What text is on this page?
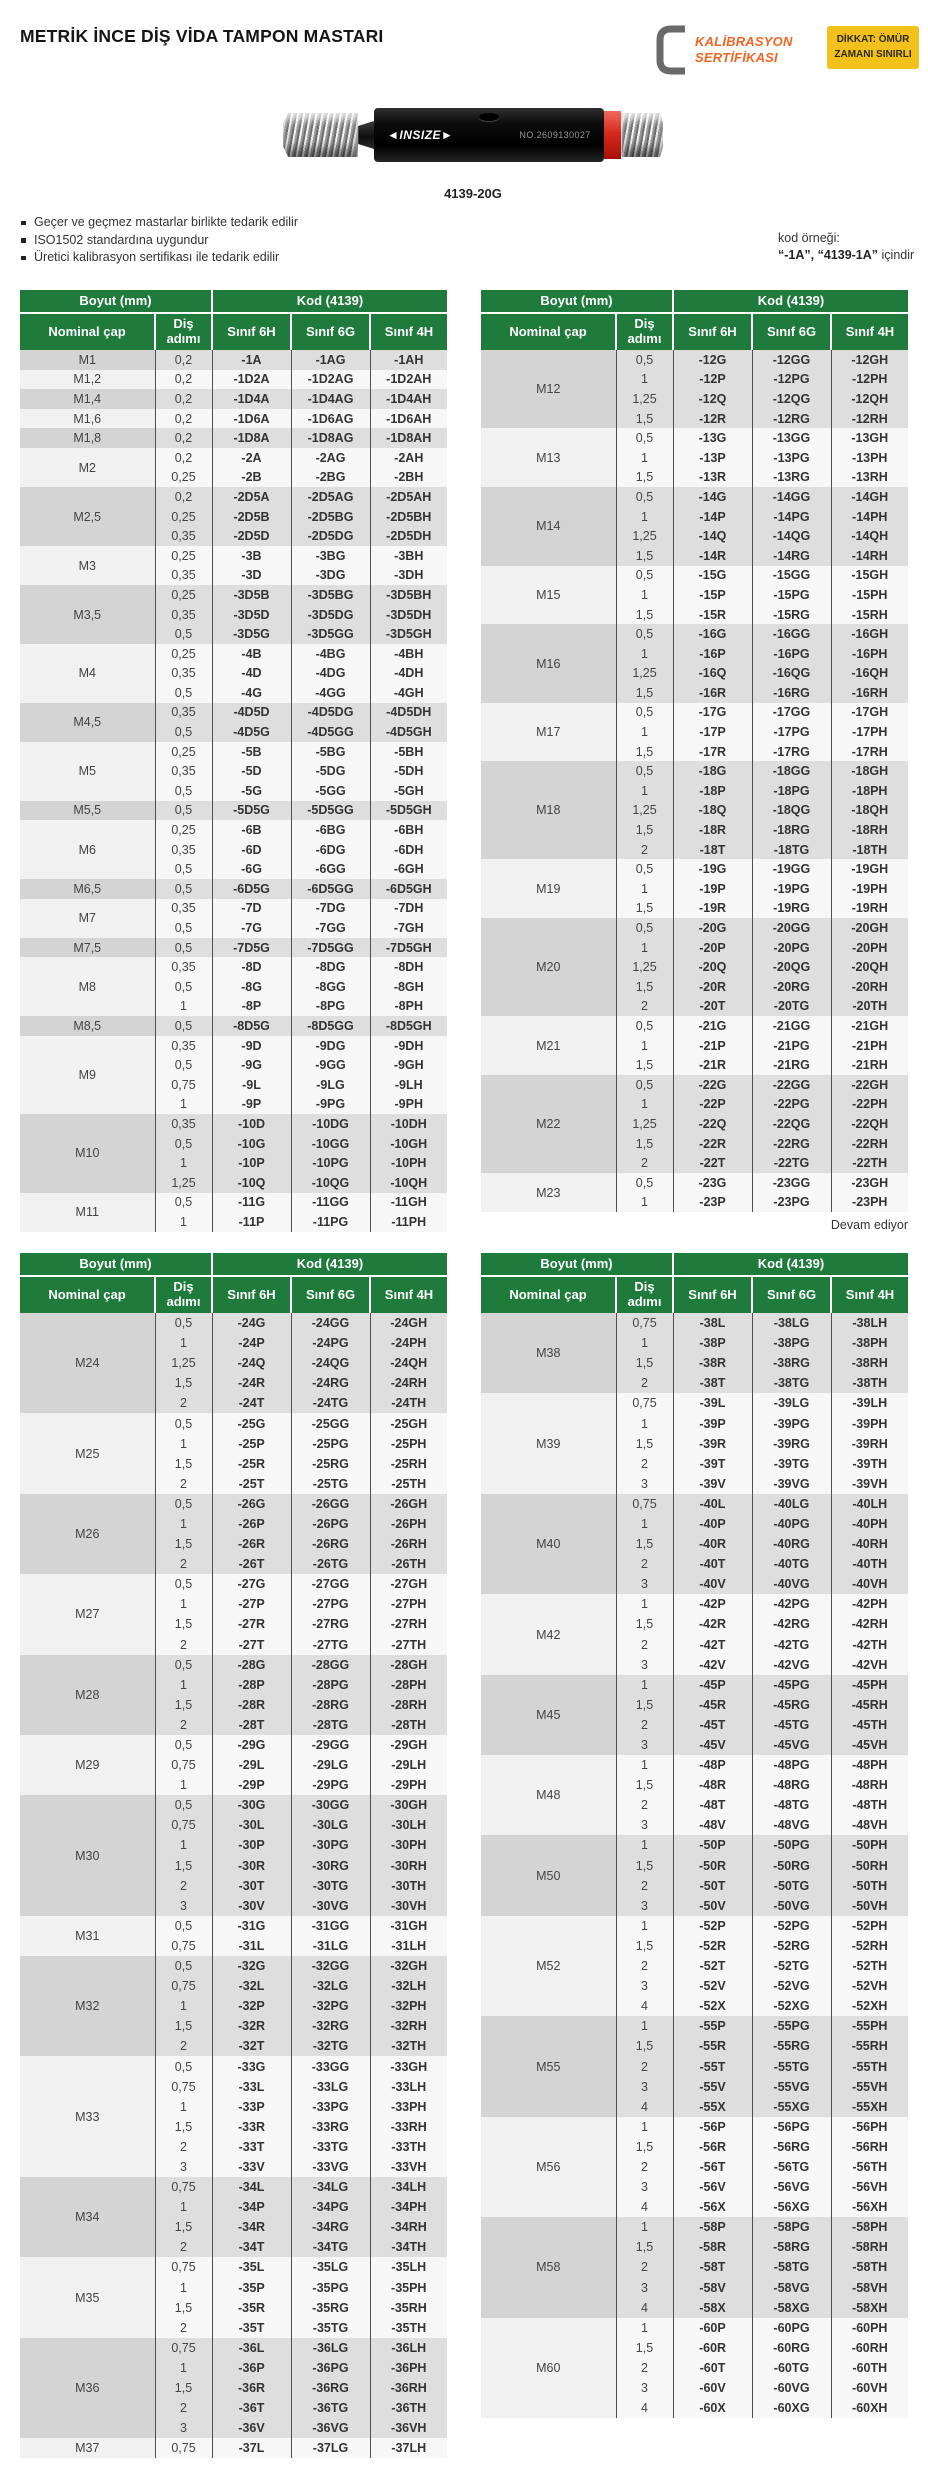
METRİK İNCE DİŞ VİDA TAMPON MASTARI	KALİBRASYON
SERTİFİKASI
DİKKAT: ÖMÜR
ZAMANI SINIRLI
◄INSIZE►	NO.2609130027
4139-20G
Geçer ve geçmez mastarlar birlikte tedarik edilir
ISO1502 standardına uygundur
Üretici kalibrasyon sertifikası ile tedarik edilir
kod örneği:
“-1A”, “4139-1A” içindir
Boyut (mm)		Kod (4139)		
Nominal çap	Diş adımı	Sınıf 6H	Sınıf 6G	Sınıf 4H
M1	0,2	-1A	-1AG	-1AH
M1,2	0,2	-1D2A	-1D2AG	-1D2AH
M1,4	0,2	-1D4A	-1D4AG	-1D4AH
M1,6	0,2	-1D6A	-1D6AG	-1D6AH
M1,8	0,2	-1D8A	-1D8AG	-1D8AH
M2	0,2	-2A	-2AG	-2AH
	0,25	-2B	-2BG	-2BH
M2,5	0,2	-2D5A	-2D5AG	-2D5AH
	0,25	-2D5B	-2D5BG	-2D5BH
	0,35	-2D5D	-2D5DG	-2D5DH
M3	0,25	-3B	-3BG	-3BH
	0,35	-3D	-3DG	-3DH
M3,5	0,25	-3D5B	-3D5BG	-3D5BH
	0,35	-3D5D	-3D5DG	-3D5DH
	0,5	-3D5G	-3D5GG	-3D5GH
M4	0,25	-4B	-4BG	-4BH
	0,35	-4D	-4DG	-4DH
	0,5	-4G	-4GG	-4GH
M4,5	0,35	-4D5D	-4D5DG	-4D5DH
	0,5	-4D5G	-4D5GG	-4D5GH
M5	0,25	-5B	-5BG	-5BH
	0,35	-5D	-5DG	-5DH
	0,5	-5G	-5GG	-5GH
M5,5	0,5	-5D5G	-5D5GG	-5D5GH
M6	0,25	-6B	-6BG	-6BH
	0,35	-6D	-6DG	-6DH
	0,5	-6G	-6GG	-6GH
M6,5	0,5	-6D5G	-6D5GG	-6D5GH
M7	0,35	-7D	-7DG	-7DH
	0,5	-7G	-7GG	-7GH
M7,5	0,5	-7D5G	-7D5GG	-7D5GH
M8	0,35	-8D	-8DG	-8DH
	0,5	-8G	-8GG	-8GH
	1	-8P	-8PG	-8PH
M8,5	0,5	-8D5G	-8D5GG	-8D5GH
M9	0,35	-9D	-9DG	-9DH
	0,5	-9G	-9GG	-9GH
	0,75	-9L	-9LG	-9LH
	1	-9P	-9PG	-9PH
M10	0,35	-10D	-10DG	-10DH
	0,5	-10G	-10GG	-10GH
	1	-10P	-10PG	-10PH
	1,25	-10Q	-10QG	-10QH
M11	0,5	-11G	-11GG	-11GH
	1	-11P	-11PG	-11PH
Boyut (mm)		Kod (4139)		
Nominal çap	Diş adımı	Sınıf 6H	Sınıf 6G	Sınıf 4H
M12	0,5	-12G	-12GG	-12GH
	1	-12P	-12PG	-12PH
	1,25	-12Q	-12QG	-12QH
	1,5	-12R	-12RG	-12RH
M13	0,5	-13G	-13GG	-13GH
	1	-13P	-13PG	-13PH
	1,5	-13R	-13RG	-13RH
M14	0,5	-14G	-14GG	-14GH
	1	-14P	-14PG	-14PH
	1,25	-14Q	-14QG	-14QH
	1,5	-14R	-14RG	-14RH
M15	0,5	-15G	-15GG	-15GH
	1	-15P	-15PG	-15PH
	1,5	-15R	-15RG	-15RH
M16	0,5	-16G	-16GG	-16GH
	1	-16P	-16PG	-16PH
	1,25	-16Q	-16QG	-16QH
	1,5	-16R	-16RG	-16RH
M17	0,5	-17G	-17GG	-17GH
	1	-17P	-17PG	-17PH
	1,5	-17R	-17RG	-17RH
M18	0,5	-18G	-18GG	-18GH
	1	-18P	-18PG	-18PH
	1,25	-18Q	-18QG	-18QH
	1,5	-18R	-18RG	-18RH
	2	-18T	-18TG	-18TH
M19	0,5	-19G	-19GG	-19GH
	1	-19P	-19PG	-19PH
	1,5	-19R	-19RG	-19RH
M20	0,5	-20G	-20GG	-20GH
	1	-20P	-20PG	-20PH
	1,25	-20Q	-20QG	-20QH
	1,5	-20R	-20RG	-20RH
	2	-20T	-20TG	-20TH
M21	0,5	-21G	-21GG	-21GH
	1	-21P	-21PG	-21PH
	1,5	-21R	-21RG	-21RH
M22	0,5	-22G	-22GG	-22GH
	1	-22P	-22PG	-22PH
	1,25	-22Q	-22QG	-22QH
	1,5	-22R	-22RG	-22RH
	2	-22T	-22TG	-22TH
M23	0,5	-23G	-23GG	-23GH
	1	-23P	-23PG	-23PH
Devam ediyor
Boyut (mm)		Kod (4139)		
Nominal çap	Diş adımı	Sınıf 6H	Sınıf 6G	Sınıf 4H
M24	0,5	-24G	-24GG	-24GH
	1	-24P	-24PG	-24PH
	1,25	-24Q	-24QG	-24QH
	1,5	-24R	-24RG	-24RH
	2	-24T	-24TG	-24TH
M25	0,5	-25G	-25GG	-25GH
	1	-25P	-25PG	-25PH
	1,5	-25R	-25RG	-25RH
	2	-25T	-25TG	-25TH
M26	0,5	-26G	-26GG	-26GH
	1	-26P	-26PG	-26PH
	1,5	-26R	-26RG	-26RH
	2	-26T	-26TG	-26TH
M27	0,5	-27G	-27GG	-27GH
	1	-27P	-27PG	-27PH
	1,5	-27R	-27RG	-27RH
	2	-27T	-27TG	-27TH
M28	0,5	-28G	-28GG	-28GH
	1	-28P	-28PG	-28PH
	1,5	-28R	-28RG	-28RH
	2	-28T	-28TG	-28TH
M29	0,5	-29G	-29GG	-29GH
	0,75	-29L	-29LG	-29LH
	1	-29P	-29PG	-29PH
M30	0,5	-30G	-30GG	-30GH
	0,75	-30L	-30LG	-30LH
	1	-30P	-30PG	-30PH
	1,5	-30R	-30RG	-30RH
	2	-30T	-30TG	-30TH
	3	-30V	-30VG	-30VH
M31	0,5	-31G	-31GG	-31GH
	0,75	-31L	-31LG	-31LH
M32	0,5	-32G	-32GG	-32GH
	0,75	-32L	-32LG	-32LH
	1	-32P	-32PG	-32PH
	1,5	-32R	-32RG	-32RH
	2	-32T	-32TG	-32TH
M33	0,5	-33G	-33GG	-33GH
	0,75	-33L	-33LG	-33LH
	1	-33P	-33PG	-33PH
	1,5	-33R	-33RG	-33RH
	2	-33T	-33TG	-33TH
	3	-33V	-33VG	-33VH
M34	0,75	-34L	-34LG	-34LH
	1	-34P	-34PG	-34PH
	1,5	-34R	-34RG	-34RH
	2	-34T	-34TG	-34TH
M35	0,75	-35L	-35LG	-35LH
	1	-35P	-35PG	-35PH
	1,5	-35R	-35RG	-35RH
	2	-35T	-35TG	-35TH
M36	0,75	-36L	-36LG	-36LH
	1	-36P	-36PG	-36PH
	1,5	-36R	-36RG	-36RH
	2	-36T	-36TG	-36TH
	3	-36V	-36VG	-36VH
M37	0,75	-37L	-37LG	-37LH
Boyut (mm)		Kod (4139)		
Nominal çap	Diş adımı	Sınıf 6H	Sınıf 6G	Sınıf 4H
M38	0,75	-38L	-38LG	-38LH
	1	-38P	-38PG	-38PH
	1,5	-38R	-38RG	-38RH
	2	-38T	-38TG	-38TH
M39	0,75	-39L	-39LG	-39LH
	1	-39P	-39PG	-39PH
	1,5	-39R	-39RG	-39RH
	2	-39T	-39TG	-39TH
	3	-39V	-39VG	-39VH
M40	0,75	-40L	-40LG	-40LH
	1	-40P	-40PG	-40PH
	1,5	-40R	-40RG	-40RH
	2	-40T	-40TG	-40TH
	3	-40V	-40VG	-40VH
M42	1	-42P	-42PG	-42PH
	1,5	-42R	-42RG	-42RH
	2	-42T	-42TG	-42TH
	3	-42V	-42VG	-42VH
M45	1	-45P	-45PG	-45PH
	1,5	-45R	-45RG	-45RH
	2	-45T	-45TG	-45TH
	3	-45V	-45VG	-45VH
M48	1	-48P	-48PG	-48PH
	1,5	-48R	-48RG	-48RH
	2	-48T	-48TG	-48TH
	3	-48V	-48VG	-48VH
M50	1	-50P	-50PG	-50PH
	1,5	-50R	-50RG	-50RH
	2	-50T	-50TG	-50TH
	3	-50V	-50VG	-50VH
M52	1	-52P	-52PG	-52PH
	1,5	-52R	-52RG	-52RH
	2	-52T	-52TG	-52TH
	3	-52V	-52VG	-52VH
	4	-52X	-52XG	-52XH
M55	1	-55P	-55PG	-55PH
	1,5	-55R	-55RG	-55RH
	2	-55T	-55TG	-55TH
	3	-55V	-55VG	-55VH
	4	-55X	-55XG	-55XH
M56	1	-56P	-56PG	-56PH
	1,5	-56R	-56RG	-56RH
	2	-56T	-56TG	-56TH
	3	-56V	-56VG	-56VH
	4	-56X	-56XG	-56XH
M58	1	-58P	-58PG	-58PH
	1,5	-58R	-58RG	-58RH
	2	-58T	-58TG	-58TH
	3	-58V	-58VG	-58VH
	4	-58X	-58XG	-58XH
M60	1	-60P	-60PG	-60PH
	1,5	-60R	-60RG	-60RH
	2	-60T	-60TG	-60TH
	3	-60V	-60VG	-60VH
	4	-60X	-60XG	-60XH
